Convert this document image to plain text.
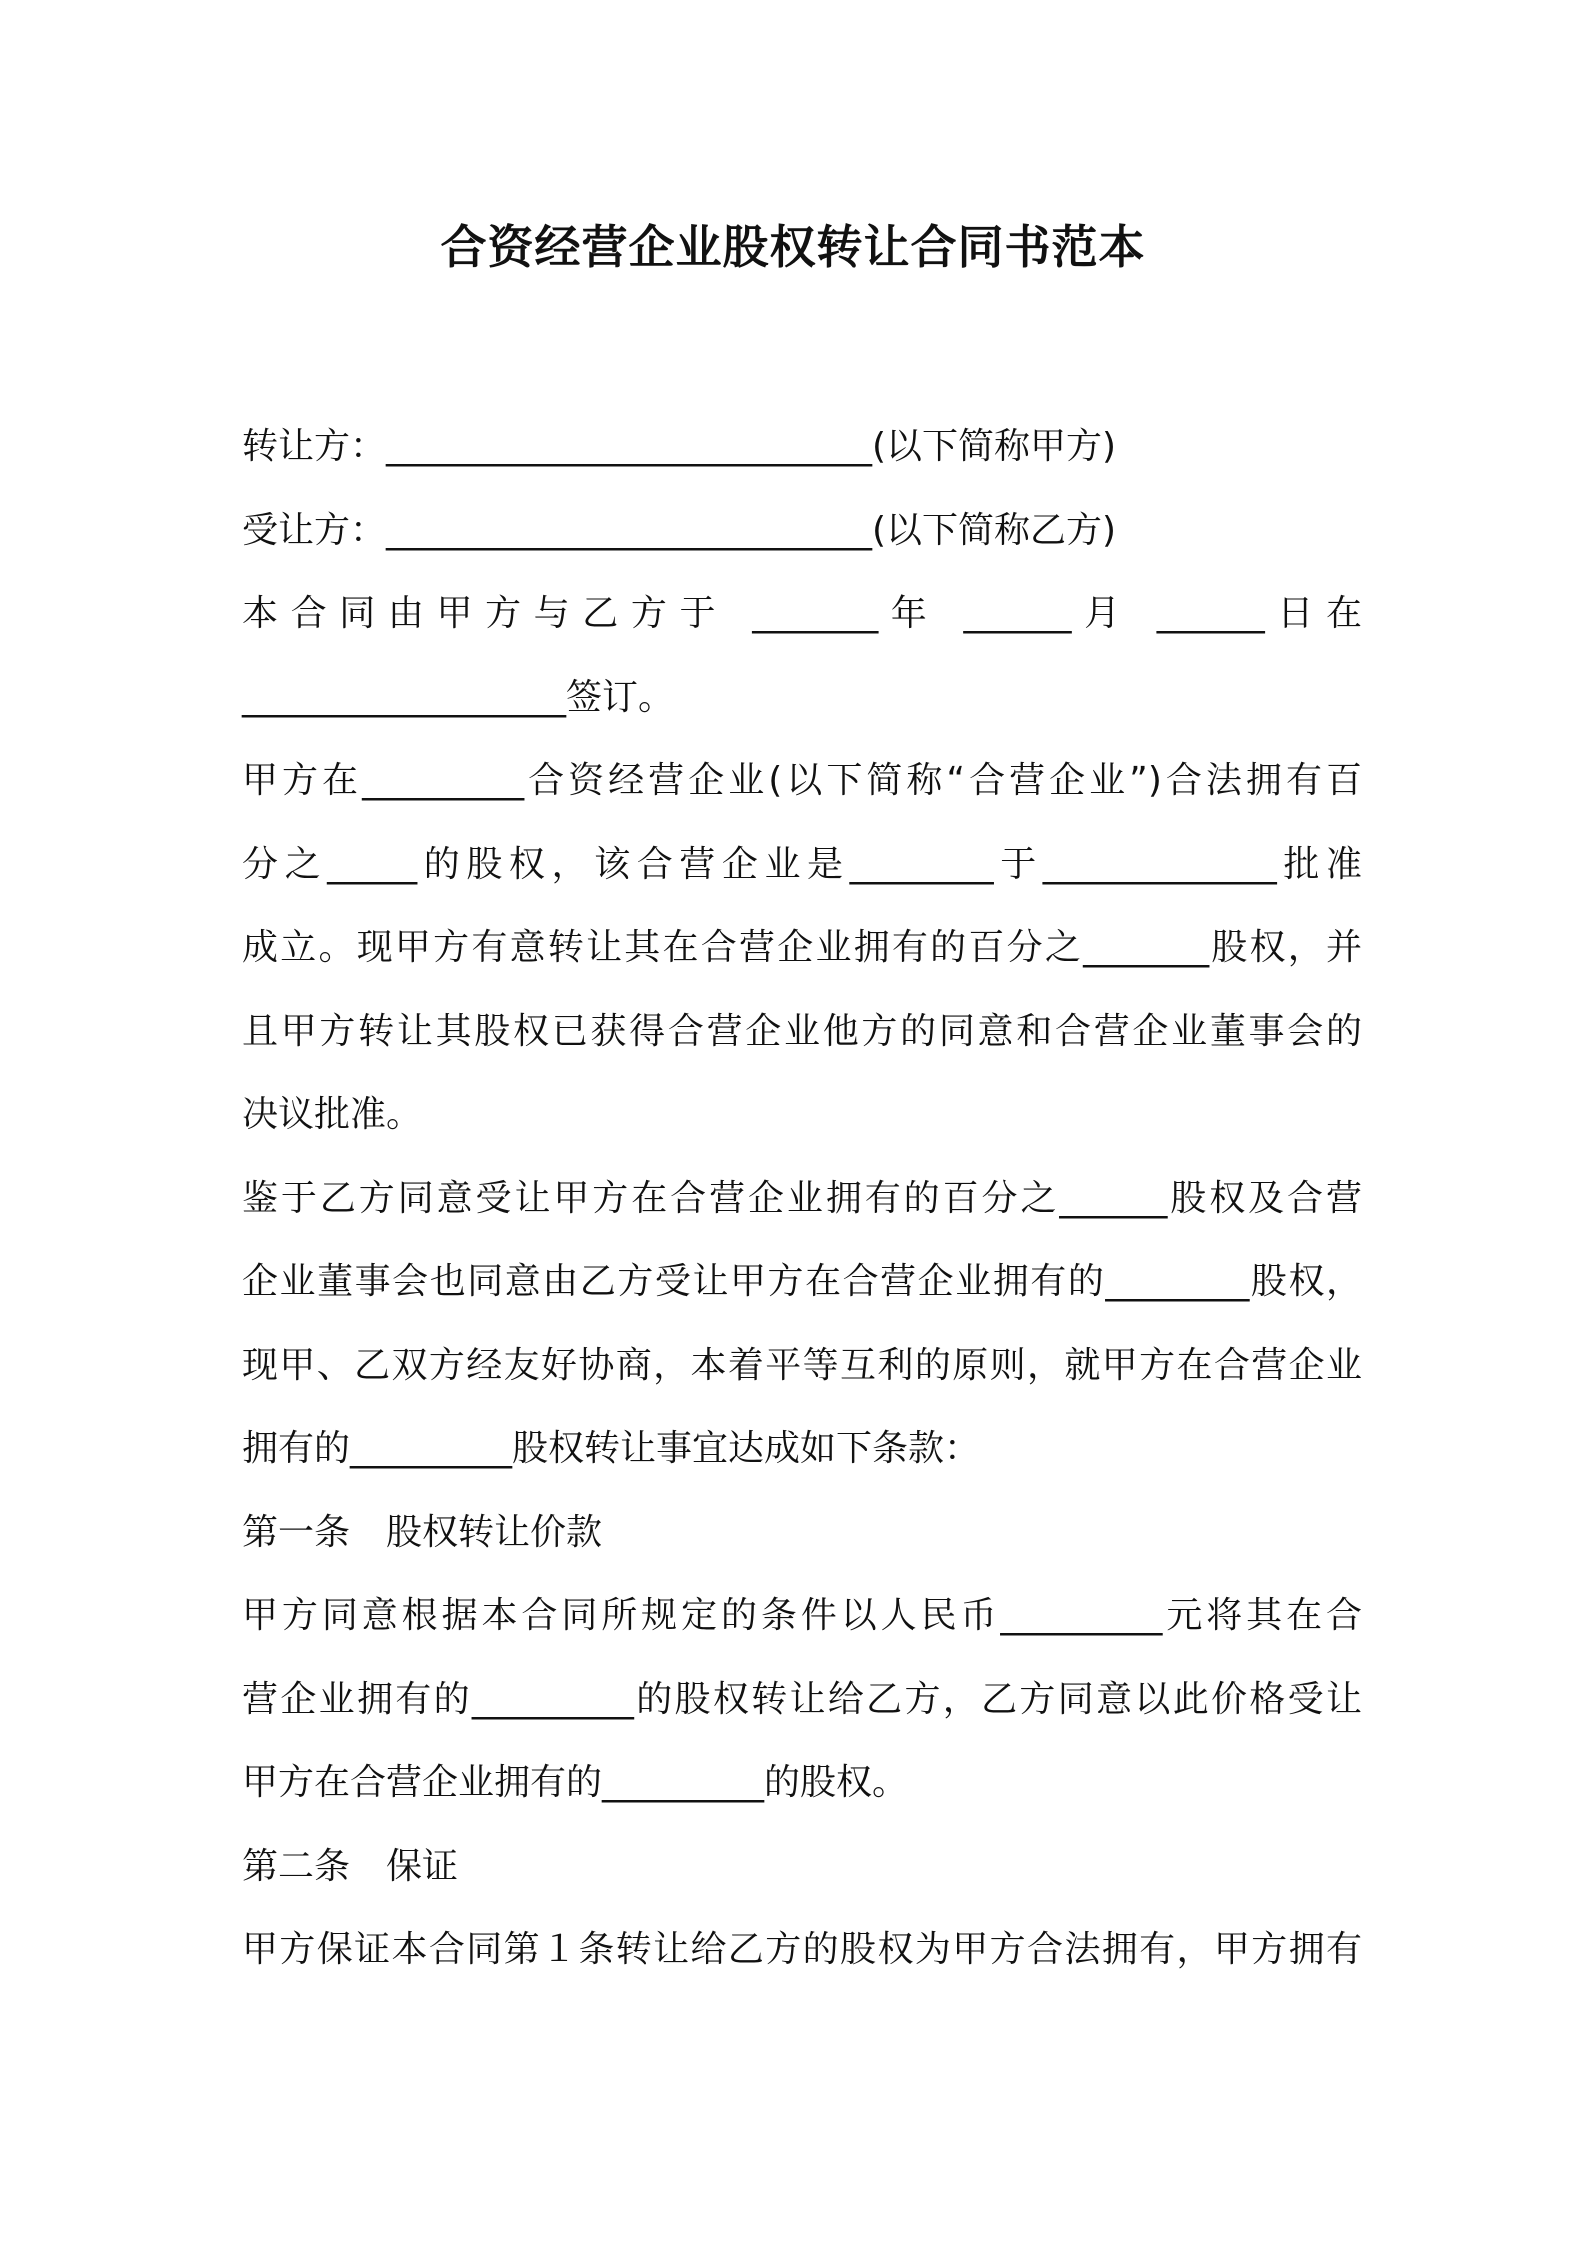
合资经营企业股权转让合同书范本
转让方：___________________________(以下简称甲方)
受让方：___________________________(以下简称乙方)
本合同由甲方与乙方于 _______年 ______月 ______日在
__________________签订。
甲方在_________合资经营企业(以下简称“合营企业”)合法拥有百
分之_____的股权，该合营企业是________于_____________批准
成立。现甲方有意转让其在合营企业拥有的百分之_______股权，并
且甲方转让其股权已获得合营企业他方的同意和合营企业董事会的
决议批准。
鉴于乙方同意受让甲方在合营企业拥有的百分之______股权及合营
企业董事会也同意由乙方受让甲方在合营企业拥有的________股权，
现甲、乙双方经友好协商，本着平等互利的原则，就甲方在合营企业
拥有的_________股权转让事宜达成如下条款：
第一条　股权转让价款
甲方同意根据本合同所规定的条件以人民币_________元将其在合
营企业拥有的_________的股权转让给乙方，乙方同意以此价格受让
甲方在合营企业拥有的_________的股权。
第二条　保证
甲方保证本合同第１条转让给乙方的股权为甲方合法拥有，甲方拥有
